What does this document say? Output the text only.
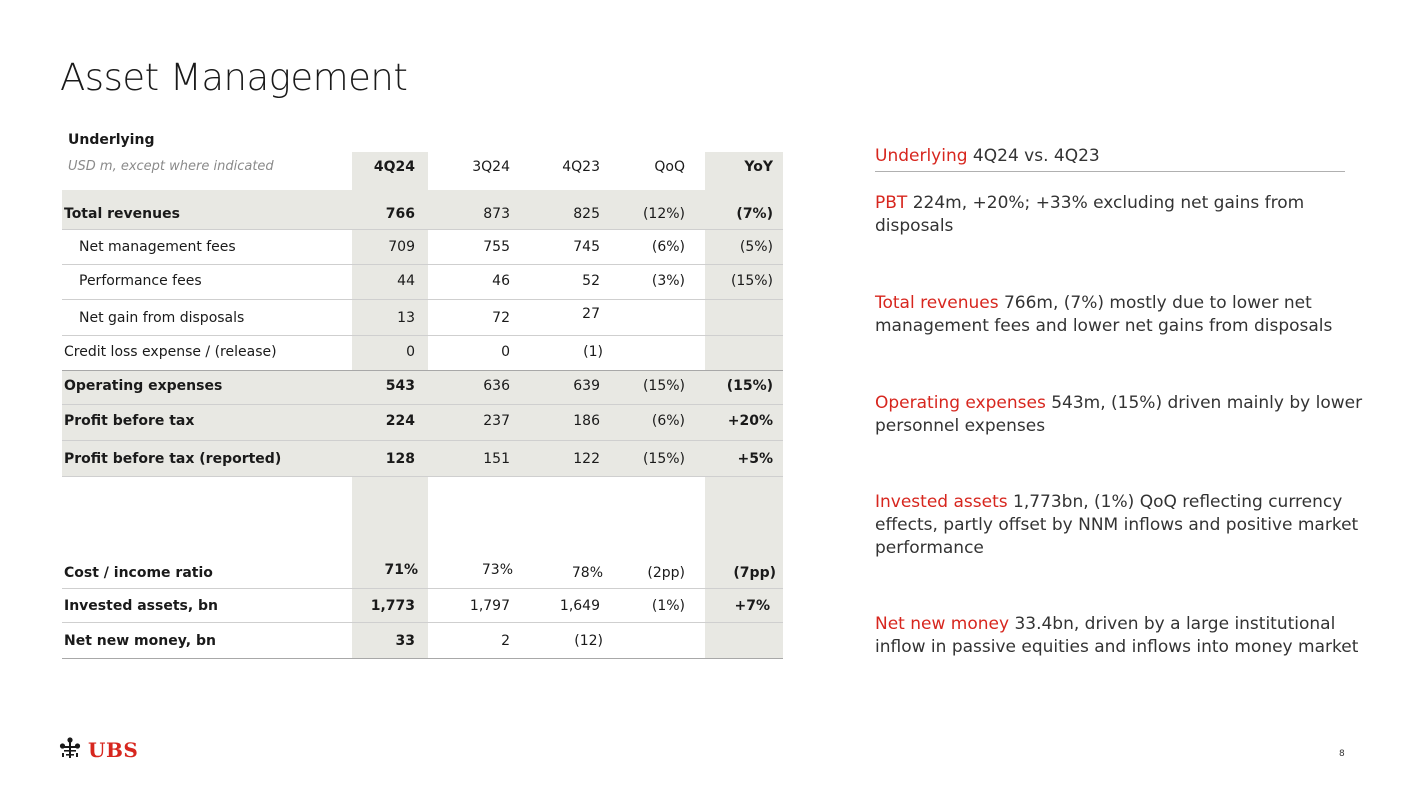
Asset Management
Underlying
USD m, except where indicated	4Q24	3Q24	4Q23	QoQ	YoY
Total revenues	766	873	825	(12%)	(7%)
Net management fees	709	755	745	(6%)	(5%)
Performance fees	44	46	52	(3%)	(15%)
Net gain from disposals	13	72	27
Credit loss expense / (release)	0	0	(1)
Operating expenses	543	636	639	(15%)	(15%)
Profit before tax	224	237	186	(6%)	+20%
Profit before tax (reported)	128	151	122	(15%)	+5%
Cost / income ratio	71%	73%	78%	(2pp)	(7pp)
Invested assets, bn	1,773	1,797	1,649	(1%)	+7%
Net new money, bn	33	2	(12)
Underlying 4Q24 vs. 4Q23
PBT 224m, +20%; +33% excluding net gains from disposals
Total revenues 766m, (7%) mostly due to lower net management fees and lower net gains from disposals
Operating expenses 543m, (15%) driven mainly by lower personnel expenses
Invested assets 1,773bn, (1%) QoQ reflecting currency effects, partly offset by NNM inflows and positive market performance
Net new money 33.4bn, driven by a large institutional inflow in passive equities and inflows into money market
UBS	8
